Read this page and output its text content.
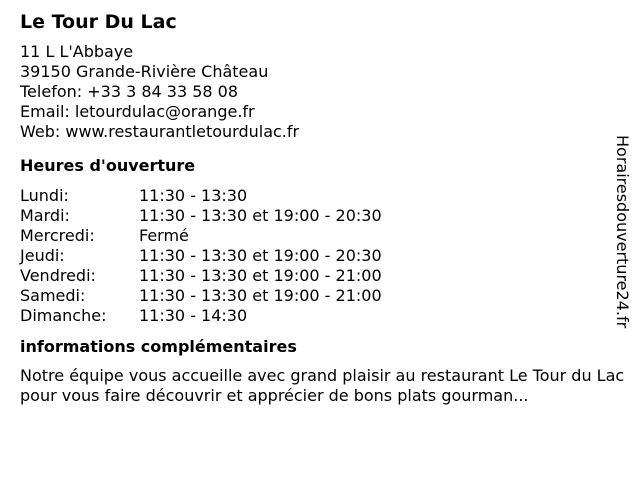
Le Tour Du Lac
11 L L'Abbaye
39150 Grande-Rivière Château
Telefon: +33 3 84 33 58 08
Email: letourdulac@orange.fr
Web: www.restaurantletourdulac.fr
Heures d'ouverture
Lundi:	11:30 - 13:30
Mardi:	11:30 - 13:30 et 19:00 - 20:30
Mercredi:	Fermé
Jeudi:	11:30 - 13:30 et 19:00 - 20:30
Vendredi:	11:30 - 13:30 et 19:00 - 21:00
Samedi:	11:30 - 13:30 et 19:00 - 21:00
Dimanche:	11:30 - 14:30
informations complémentaires
Notre équipe vous accueille avec grand plaisir au restaurant Le Tour du Lac pour vous faire découvrir et apprécier de bons plats gourman...
Horairesdouverture24.fr
